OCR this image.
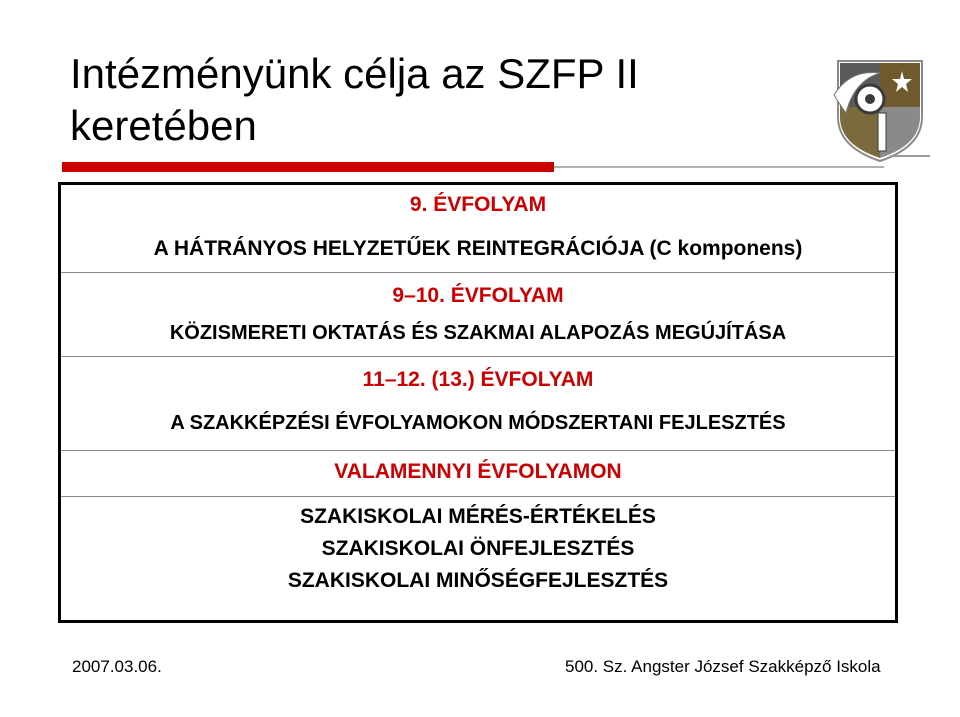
Intézményünk célja az SZFP II
keretében
9. ÉVFOLYAM
A HÁTRÁNYOS HELYZETŰEK REINTEGRÁCIÓJA (C komponens)
9–10. ÉVFOLYAM
KÖZISMERETI OKTATÁS ÉS SZAKMAI ALAPOZÁS MEGÚJÍTÁSA
11–12. (13.) ÉVFOLYAM
A SZAKKÉPZÉSI ÉVFOLYAMOKON MÓDSZERTANI FEJLESZTÉS
VALAMENNYI ÉVFOLYAMON
SZAKISKOLAI MÉRÉS-ÉRTÉKELÉS
SZAKISKOLAI ÖNFEJLESZTÉS
SZAKISKOLAI MINŐSÉGFEJLESZTÉS
2007.03.06.	500. Sz. Angster József Szakképző Iskola
